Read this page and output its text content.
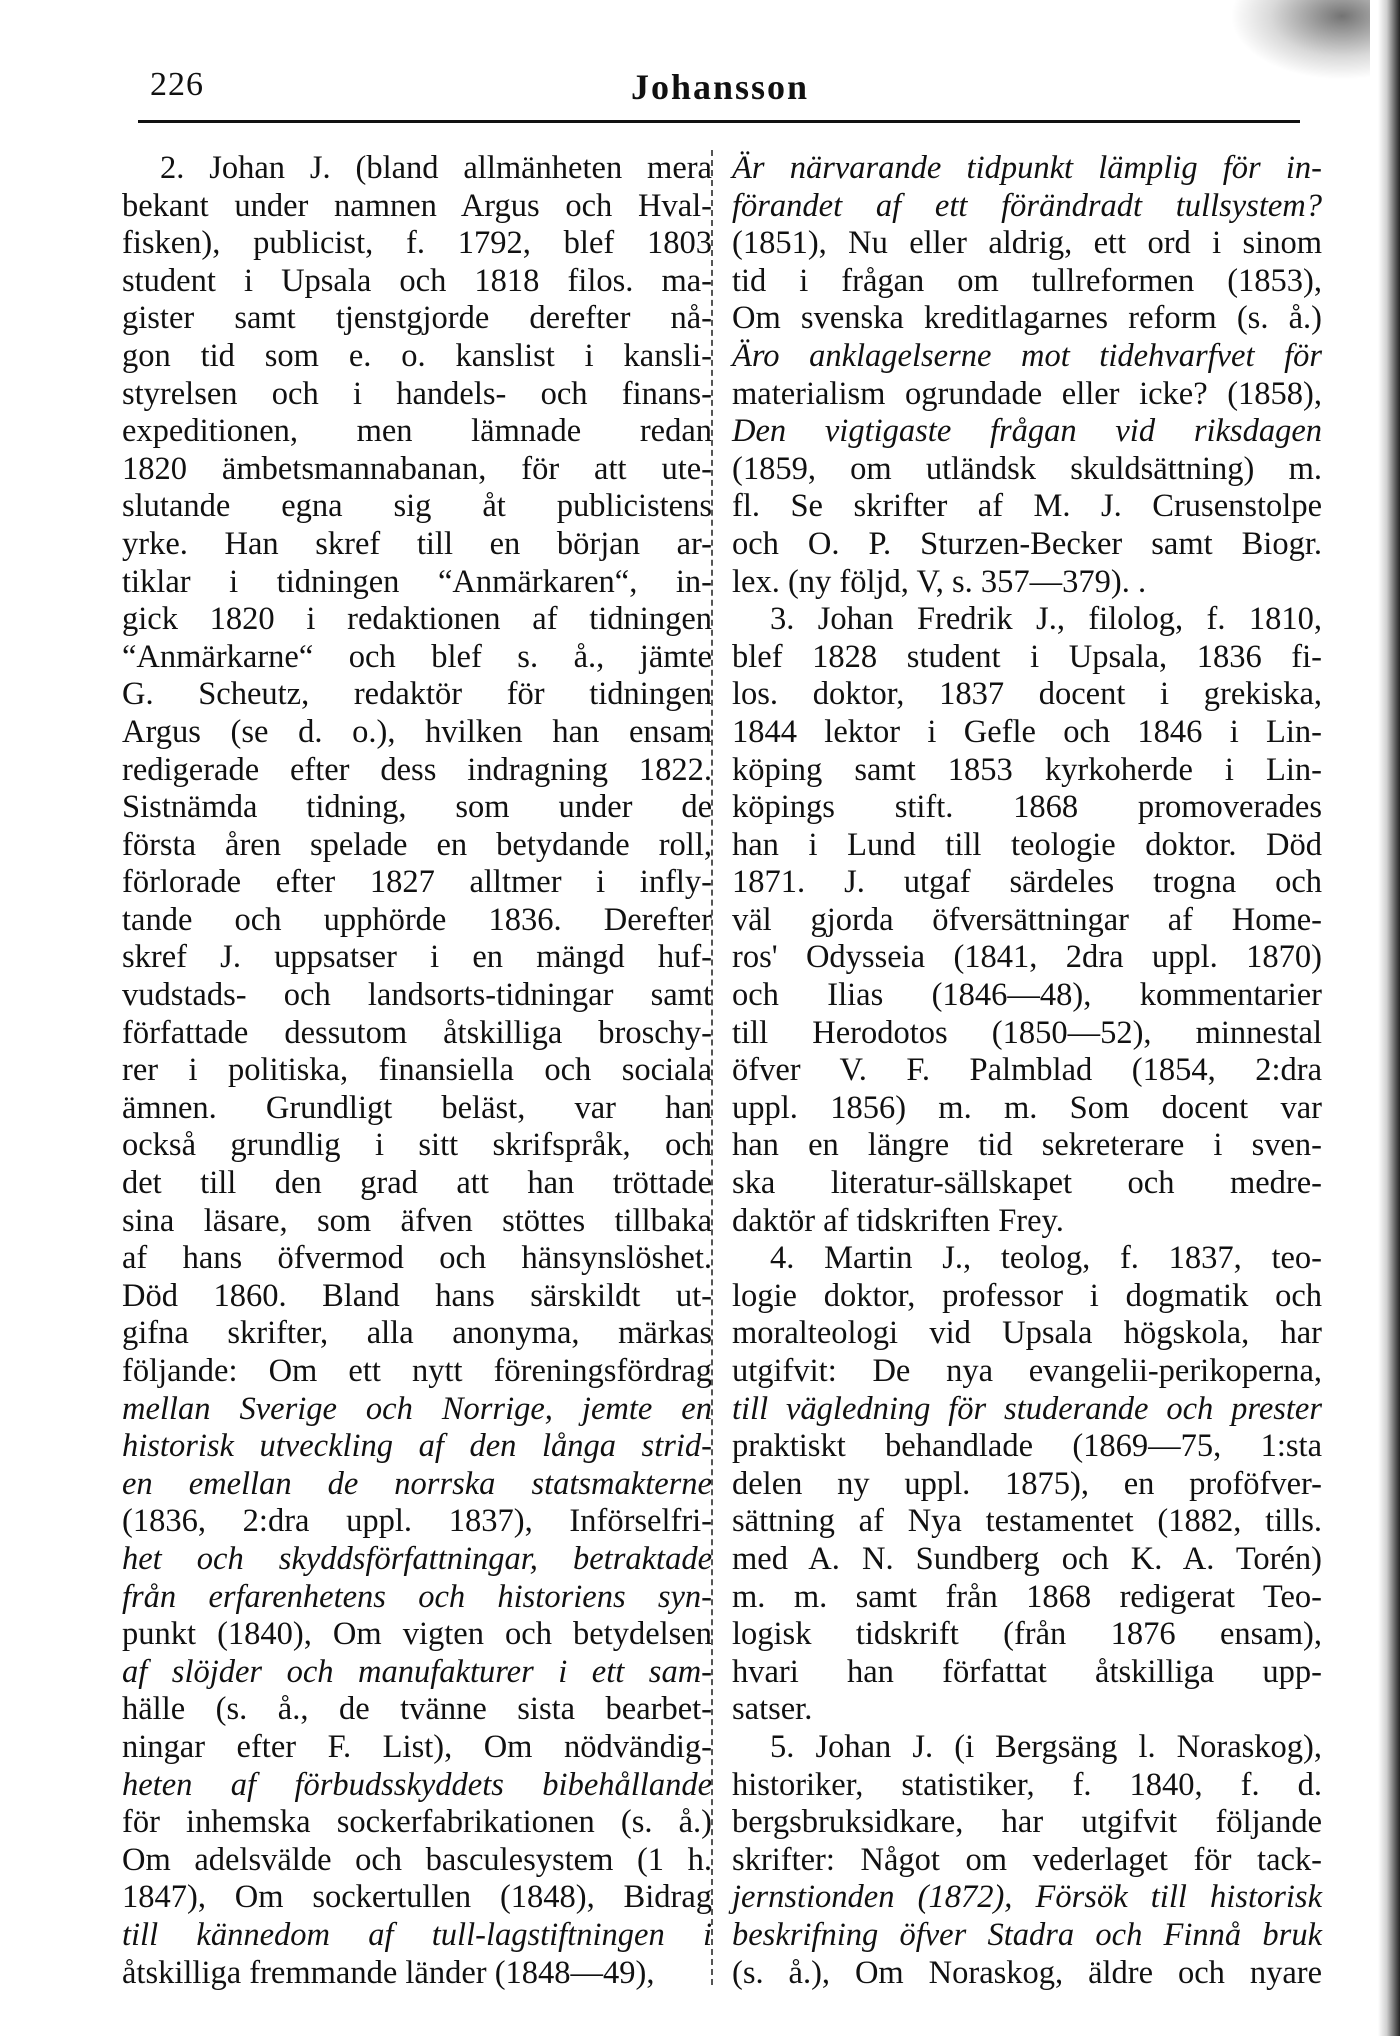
226	Johansson
2. Johan J. (bland allmänheten mera
bekant under namnen Argus och Hval-
fisken), publicist, f. 1792, blef 1803
student i Upsala och 1818 filos. ma-
gister samt tjenstgjorde derefter nå-
gon tid som e. o. kanslist i kansli-
styrelsen och i handels- och finans-
expeditionen, men lämnade redan
1820 ämbetsmannabanan, för att ute-
slutande egna sig åt publicistens
yrke. Han skref till en början ar-
tiklar i tidningen “Anmärkaren“, in-
gick 1820 i redaktionen af tidningen
“Anmärkarne“ och blef s. å., jämte
G. Scheutz, redaktör för tidningen
Argus (se d. o.), hvilken han ensam
redigerade efter dess indragning 1822.
Sistnämda tidning, som under de
första åren spelade en betydande roll,
förlorade efter 1827 alltmer i infly-
tande och upphörde 1836. Derefter
skref J. uppsatser i en mängd huf-
vudstads- och landsorts-tidningar samt
författade dessutom åtskilliga broschy-
rer i politiska, finansiella och sociala
ämnen. Grundligt beläst, var han
också grundlig i sitt skrifspråk, och
det till den grad att han tröttade
sina läsare, som äfven stöttes tillbaka
af hans öfvermod och hänsynslöshet.
Död 1860. Bland hans särskildt ut-
gifna skrifter, alla anonyma, märkas
följande: Om ett nytt föreningsfördrag
mellan Sverige och Norrige, jemte en
historisk utveckling af den långa strid-
en emellan de norrska statsmakterne
(1836, 2:dra uppl. 1837), Införselfri-
het och skyddsförfattningar, betraktade
från erfarenhetens och historiens syn-
punkt (1840), Om vigten och betydelsen
af slöjder och manufakturer i ett sam-
hälle (s. å., de tvänne sista bearbet-
ningar efter F. List), Om nödvändig-
heten af förbudsskyddets bibehållande
för inhemska sockerfabrikationen (s. å.)
Om adelsvälde och basculesystem (1 h.
1847), Om sockertullen (1848), Bidrag
till kännedom af tull-lagstiftningen i
åtskilliga fremmande länder (1848—49),
Är närvarande tidpunkt lämplig för in-
förandet af ett förändradt tullsystem?
(1851), Nu eller aldrig, ett ord i sinom
tid i frågan om tullreformen (1853),
Om svenska kreditlagarnes reform (s. å.)
Äro anklagelserne mot tidehvarfvet för
materialism ogrundade eller icke? (1858),
Den vigtigaste frågan vid riksdagen
(1859, om utländsk skuldsättning) m.
fl. Se skrifter af M. J. Crusenstolpe
och O. P. Sturzen-Becker samt Biogr.
lex. (ny följd, V, s. 357—379). .
3. Johan Fredrik J., filolog, f. 1810,
blef 1828 student i Upsala, 1836 fi-
los. doktor, 1837 docent i grekiska,
1844 lektor i Gefle och 1846 i Lin-
köping samt 1853 kyrkoherde i Lin-
köpings stift. 1868 promoverades
han i Lund till teologie doktor. Död
1871. J. utgaf särdeles trogna och
väl gjorda öfversättningar af Home-
ros' Odysseia (1841, 2dra uppl. 1870)
och Ilias (1846—48), kommentarier
till Herodotos (1850—52), minnestal
öfver V. F. Palmblad (1854, 2:dra
uppl. 1856) m. m. Som docent var
han en längre tid sekreterare i sven-
ska literatur-sällskapet och medre-
daktör af tidskriften Frey.
4. Martin J., teolog, f. 1837, teo-
logie doktor, professor i dogmatik och
moralteologi vid Upsala högskola, har
utgifvit: De nya evangelii-perikoperna,
till vägledning för studerande och prester
praktiskt behandlade (1869—75, 1:sta
delen ny uppl. 1875), en proföfver-
sättning af Nya testamentet (1882, tills.
med A. N. Sundberg och K. A. Torén)
m. m. samt från 1868 redigerat Teo-
logisk tidskrift (från 1876 ensam),
hvari han författat åtskilliga upp-
satser.
5. Johan J. (i Bergsäng l. Noraskog),
historiker, statistiker, f. 1840, f. d.
bergsbruksidkare, har utgifvit följande
skrifter: Något om vederlaget för tack-
jernstionden (1872), Försök till historisk
beskrifning öfver Stadra och Finnå bruk
(s. å.), Om Noraskog, äldre och nyare
